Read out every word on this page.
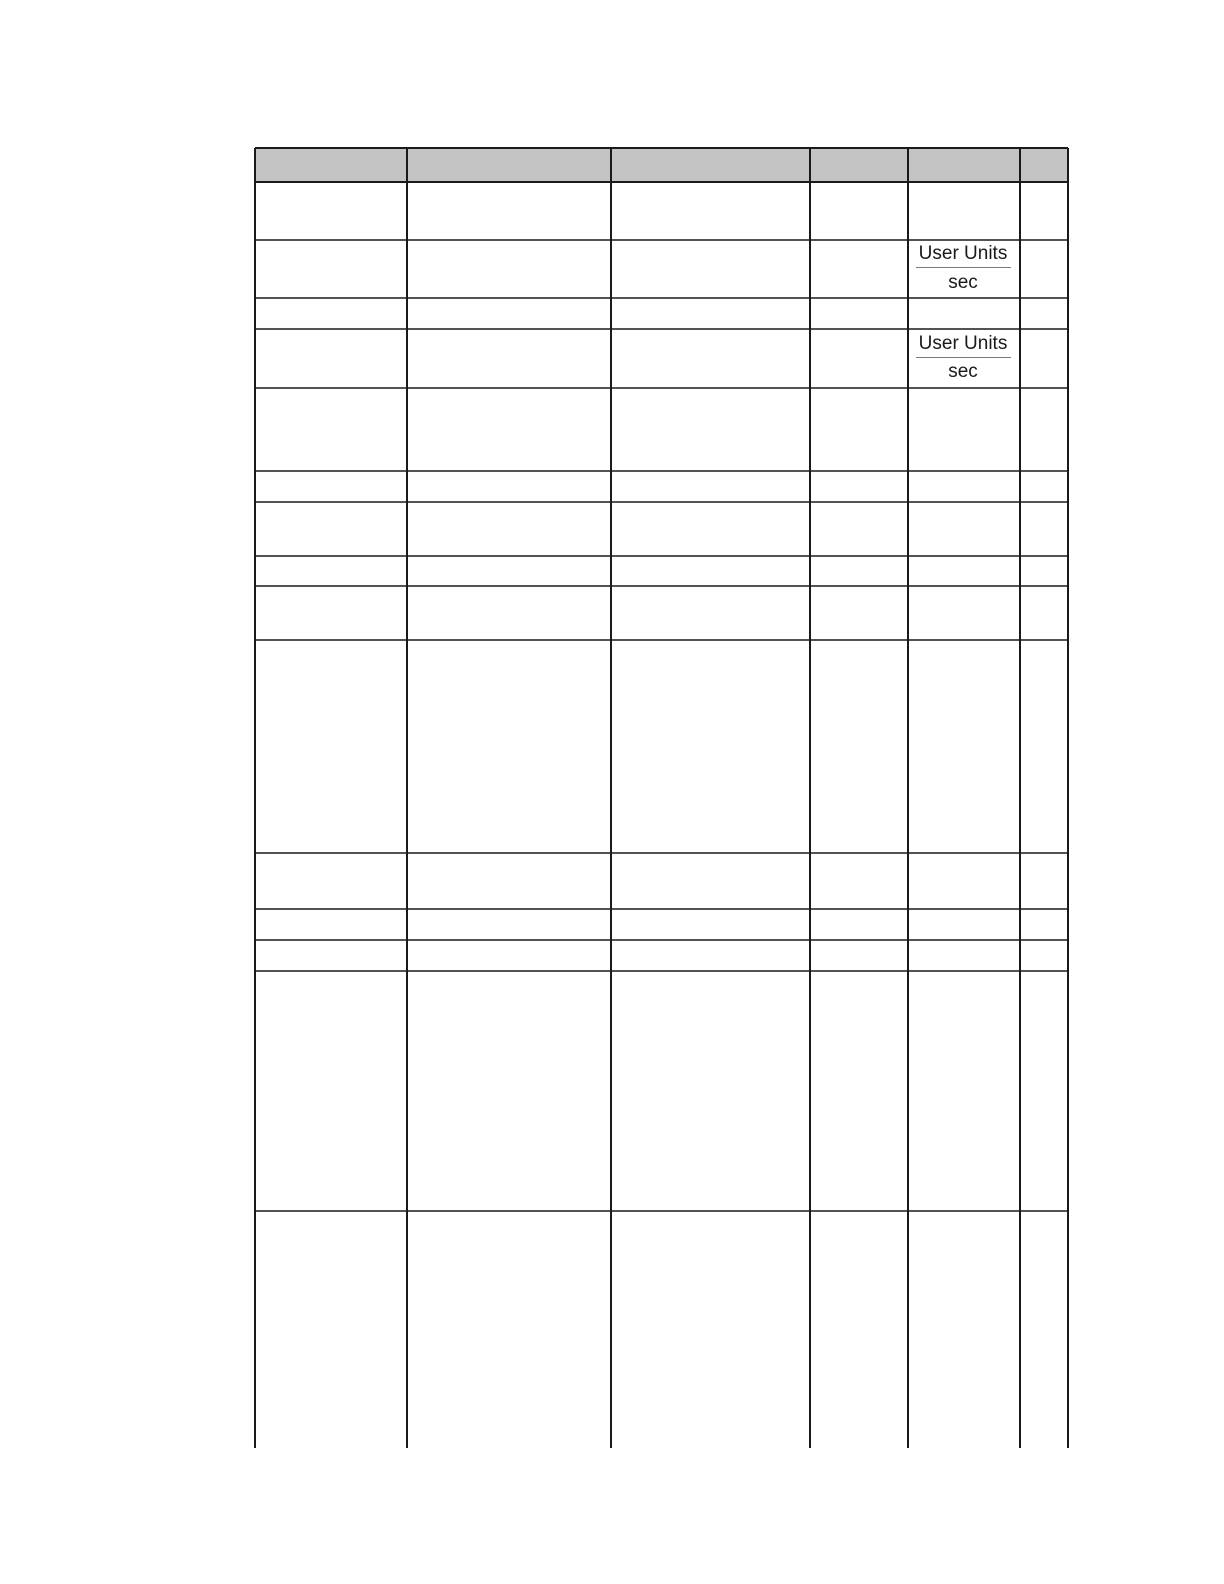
User Units
sec
User Units
sec
